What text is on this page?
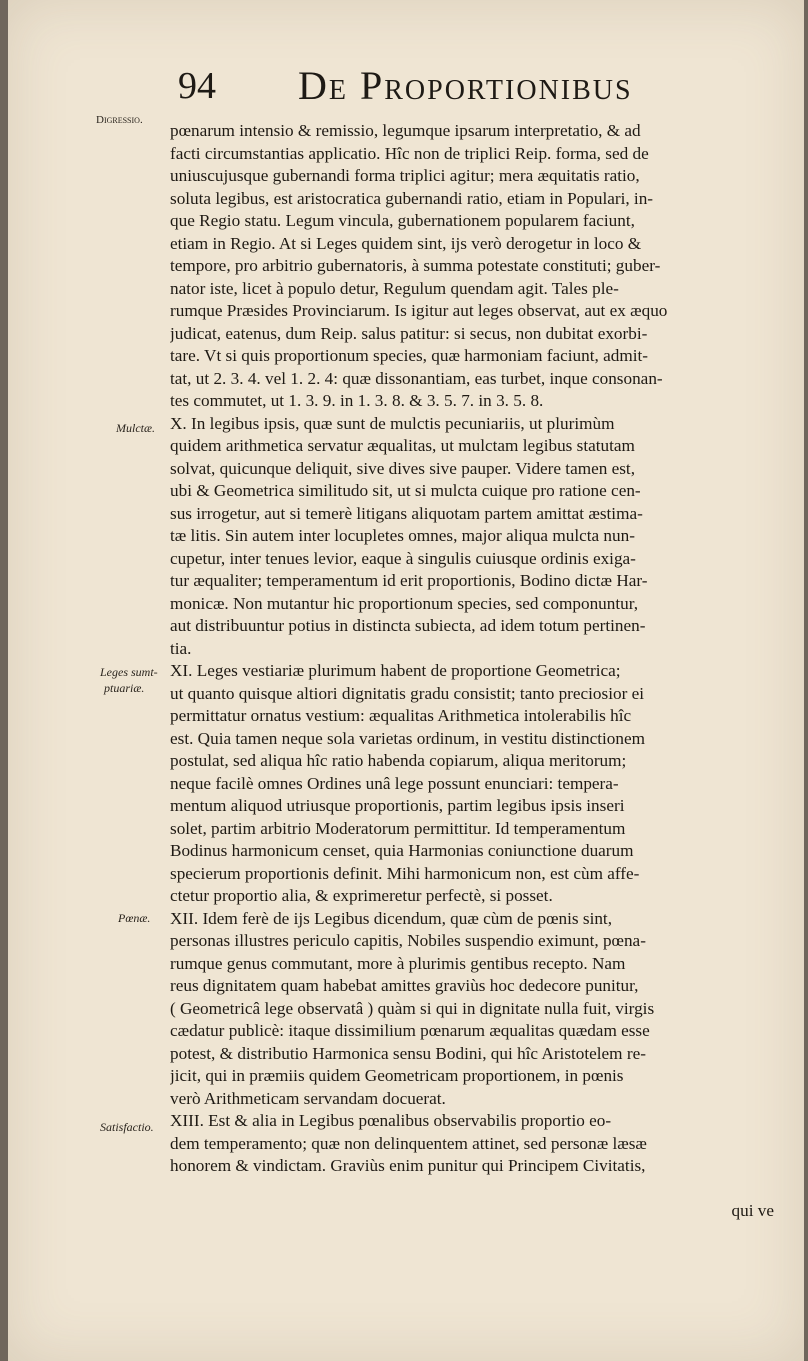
94 De Proportionibus
Digressio.
Mulctæ.
Leges sumt-
ptuariæ.
Pœnæ.
Satisfactio.
pœnarum intensio & remissio, legumque ipsarum interpretatio, & ad
facti circumstantias applicatio. Hîc non de triplici Reip. forma, sed de
uniuscujusque gubernandi forma triplici agitur; mera æquitatis ratio,
soluta legibus, est aristocratica gubernandi ratio, etiam in Populari, in-
que Regio statu. Legum vincula, gubernationem popularem faciunt,
etiam in Regio. At si Leges quidem sint, ijs verò derogetur in loco &
tempore, pro arbitrio gubernatoris, à summa potestate constituti; guber-
nator iste, licet à populo detur, Regulum quendam agit. Tales ple-
rumque Præsides Provinciarum. Is igitur aut leges observat, aut ex æquo
judicat, eatenus, dum Reip. salus patitur: si secus, non dubitat exorbi-
tare. Vt si quis proportionum species, quæ harmoniam faciunt, admit-
tat, ut 2. 3. 4. vel 1. 2. 4: quæ dissonantiam, eas turbet, inque consonan-
tes commutet, ut 1. 3. 9. in 1. 3. 8. & 3. 5. 7. in 3. 5. 8.
X. In legibus ipsis, quæ sunt de mulctis pecuniariis, ut plurimùm
quidem arithmetica servatur æqualitas, ut mulctam legibus statutam
solvat, quicunque deliquit, sive dives sive pauper. Videre tamen est,
ubi & Geometrica similitudo sit, ut si mulcta cuique pro ratione cen-
sus irrogetur, aut si temerè litigans aliquotam partem amittat æstima-
tæ litis. Sin autem inter locupletes omnes, major aliqua mulcta nun-
cupetur, inter tenues levior, eaque à singulis cuiusque ordinis exiga-
tur æqualiter; temperamentum id erit proportionis, Bodino dictæ Har-
monicæ. Non mutantur hic proportionum species, sed componuntur,
aut distribuuntur potius in distincta subiecta, ad idem totum pertinen-
tia.
XI. Leges vestiariæ plurimum habent de proportione Geometrica;
ut quanto quisque altiori dignitatis gradu consistit; tanto preciosior ei
permittatur ornatus vestium: æqualitas Arithmetica intolerabilis hîc
est. Quia tamen neque sola varietas ordinum, in vestitu distinctionem
postulat, sed aliqua hîc ratio habenda copiarum, aliqua meritorum;
neque facilè omnes Ordines unâ lege possunt enunciari: tempera-
mentum aliquod utriusque proportionis, partim legibus ipsis inseri
solet, partim arbitrio Moderatorum permittitur. Id temperamentum
Bodinus harmonicum censet, quia Harmonias coniunctione duarum
specierum proportionis definit. Mihi harmonicum non, est cùm affe-
ctetur proportio alia, & exprimeretur perfectè, si posset.
XII. Idem ferè de ijs Legibus dicendum, quæ cùm de pœnis sint,
personas illustres periculo capitis, Nobiles suspendio eximunt, pœna-
rumque genus commutant, more à plurimis gentibus recepto. Nam
reus dignitatem quam habebat amittes graviùs hoc dedecore punitur,
( Geometricâ lege observatâ ) quàm si qui in dignitate nulla fuit, virgis
cædatur publicè: itaque dissimilium pœnarum æqualitas quædam esse
potest, & distributio Harmonica sensu Bodini, qui hîc Aristotelem re-
jicit, qui in præmiis quidem Geometricam proportionem, in pœnis
verò Arithmeticam servandam docuerat.
XIII. Est & alia in Legibus pœnalibus observabilis proportio eo-
dem temperamento; quæ non delinquentem attinet, sed personæ læsæ
honorem & vindictam. Graviùs enim punitur qui Principem Civitatis,
qui ve
